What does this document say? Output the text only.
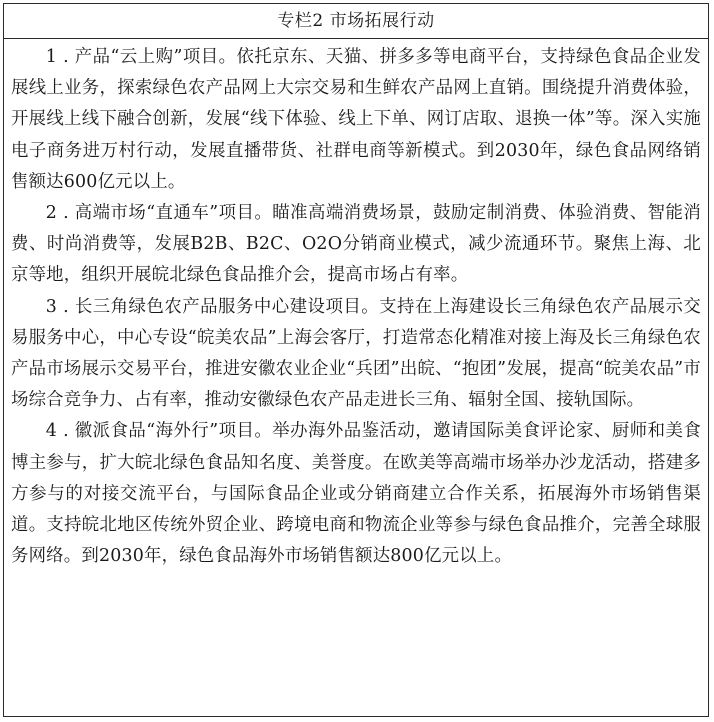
专栏2 市场拓展行动

1 . 产品“云上购”项目。依托京东、天猫、拼多多等电商平台，支持绿色食品企业发展线上业务，探索绿色农产品网上大宗交易和生鲜农产品网上直销。围绕提升消费体验，开展线上线下融合创新，发展“线下体验、线上下单、网订店取、退换一体”等。深入实施电子商务进万村行动，发展直播带货、社群电商等新模式。到2030年，绿色食品网络销售额达600亿元以上。

2 . 高端市场“直通车”项目。瞄准高端消费场景，鼓励定制消费、体验消费、智能消费、时尚消费等，发展B2B、B2C、O2O分销商业模式，减少流通环节。聚焦上海、北京等地，组织开展皖北绿色食品推介会，提高市场占有率。

3 . 长三角绿色农产品服务中心建设项目。支持在上海建设长三角绿色农产品展示交易服务中心，中心专设“皖美农品”上海会客厅，打造常态化精准对接上海及长三角绿色农产品市场展示交易平台，推进安徽农业企业“兵团”出皖、“抱团”发展，提高“皖美农品”市场综合竞争力、占有率，推动安徽绿色农产品走进长三角、辐射全国、接轨国际。

4 . 徽派食品“海外行”项目。举办海外品鉴活动，邀请国际美食评论家、厨师和美食博主参与，扩大皖北绿色食品知名度、美誉度。在欧美等高端市场举办沙龙活动，搭建多方参与的对接交流平台，与国际食品企业或分销商建立合作关系，拓展海外市场销售渠道。支持皖北地区传统外贸企业、跨境电商和物流企业等参与绿色食品推介，完善全球服务网络。到2030年，绿色食品海外市场销售额达800亿元以上。
